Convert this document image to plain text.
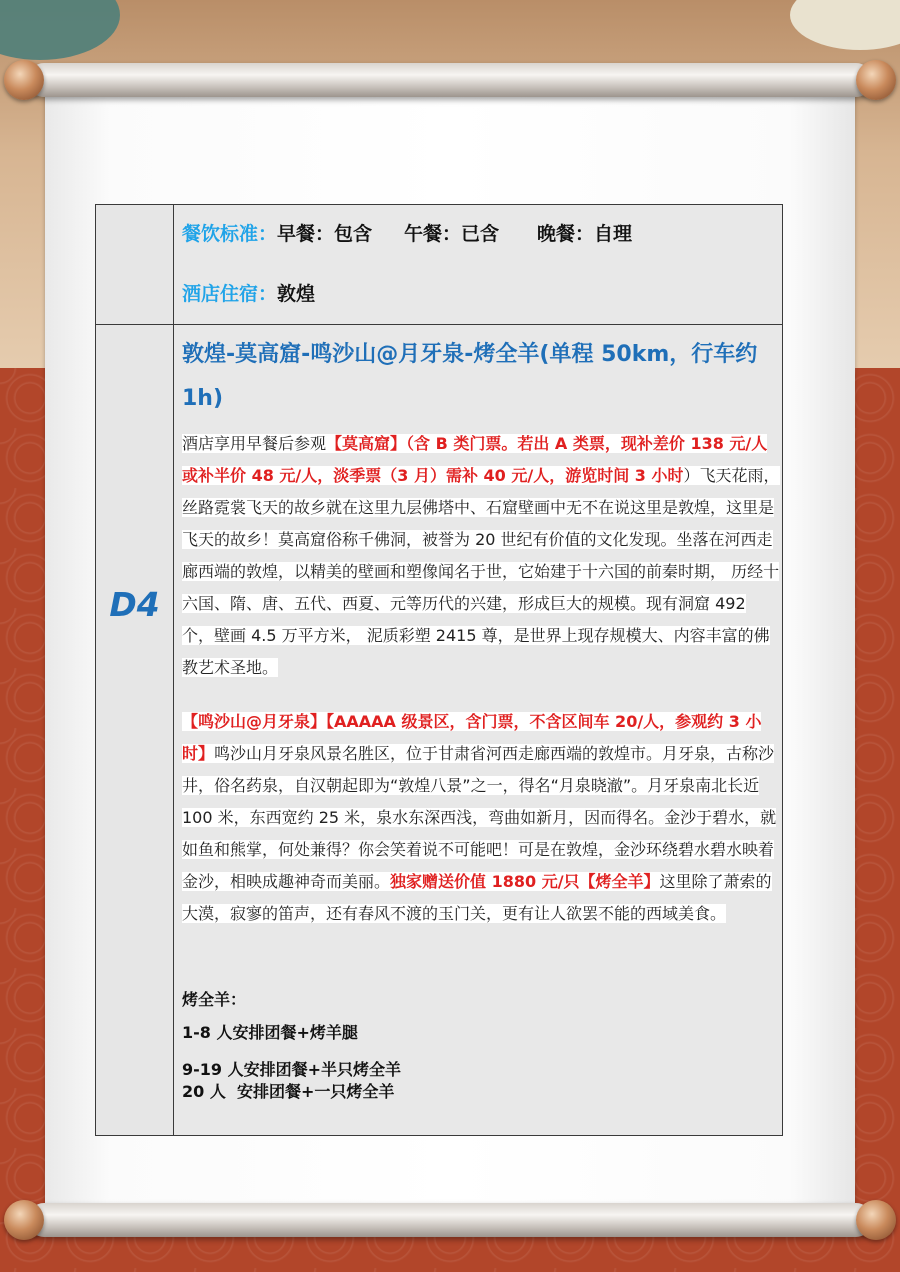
餐饮标准：早餐：包含 午餐：已含 晚餐：自理
酒店住宿：敦煌
D4
敦煌-莫高窟-鸣沙山@月牙泉-烤全羊(单程 50km，行车约 1h)
酒店享用早餐后参观【莫高窟】（含 B 类门票。若出 A 类票，现补差价 138 元/人或补半价 48 元/人，淡季票（3 月）需补 40 元/人，游览时间 3 小时）飞天花雨，丝路霓裳飞天的故乡就在这里九层佛塔中、石窟壁画中无不在说这里是敦煌，这里是飞天的故乡！莫高窟俗称千佛洞，被誉为 20 世纪有价值的文化发现。坐落在河西走廊西端的敦煌，以精美的壁画和塑像闻名于世，它始建于十六国的前秦时期， 历经十六国、隋、唐、五代、西夏、元等历代的兴建，形成巨大的规模。现有洞窟 492 个，壁画 4.5 万平方米， 泥质彩塑 2415 尊，是世界上现存规模大、内容丰富的佛教艺术圣地。
【鸣沙山@月牙泉】【AAAAA 级景区，含门票，不含区间车 20/人，参观约 3 小时】鸣沙山月牙泉风景名胜区，位于甘肃省河西走廊西端的敦煌市。月牙泉，古称沙井，俗名药泉，自汉朝起即为“敦煌八景”之一，得名“月泉晓澈”。月牙泉南北长近 100 米，东西宽约 25 米，泉水东深西浅，弯曲如新月，因而得名。金沙于碧水，就如鱼和熊掌，何处兼得？你会笑着说不可能吧！可是在敦煌，金沙环绕碧水碧水映着金沙，相映成趣神奇而美丽。独家赠送价值 1880 元/只【烤全羊】这里除了萧索的大漠，寂寥的笛声，还有春风不渡的玉门关，更有让人欲罢不能的西域美食。
烤全羊：
1-8 人安排团餐+烤羊腿
9-19 人安排团餐+半只烤全羊
20 人  安排团餐+一只烤全羊
